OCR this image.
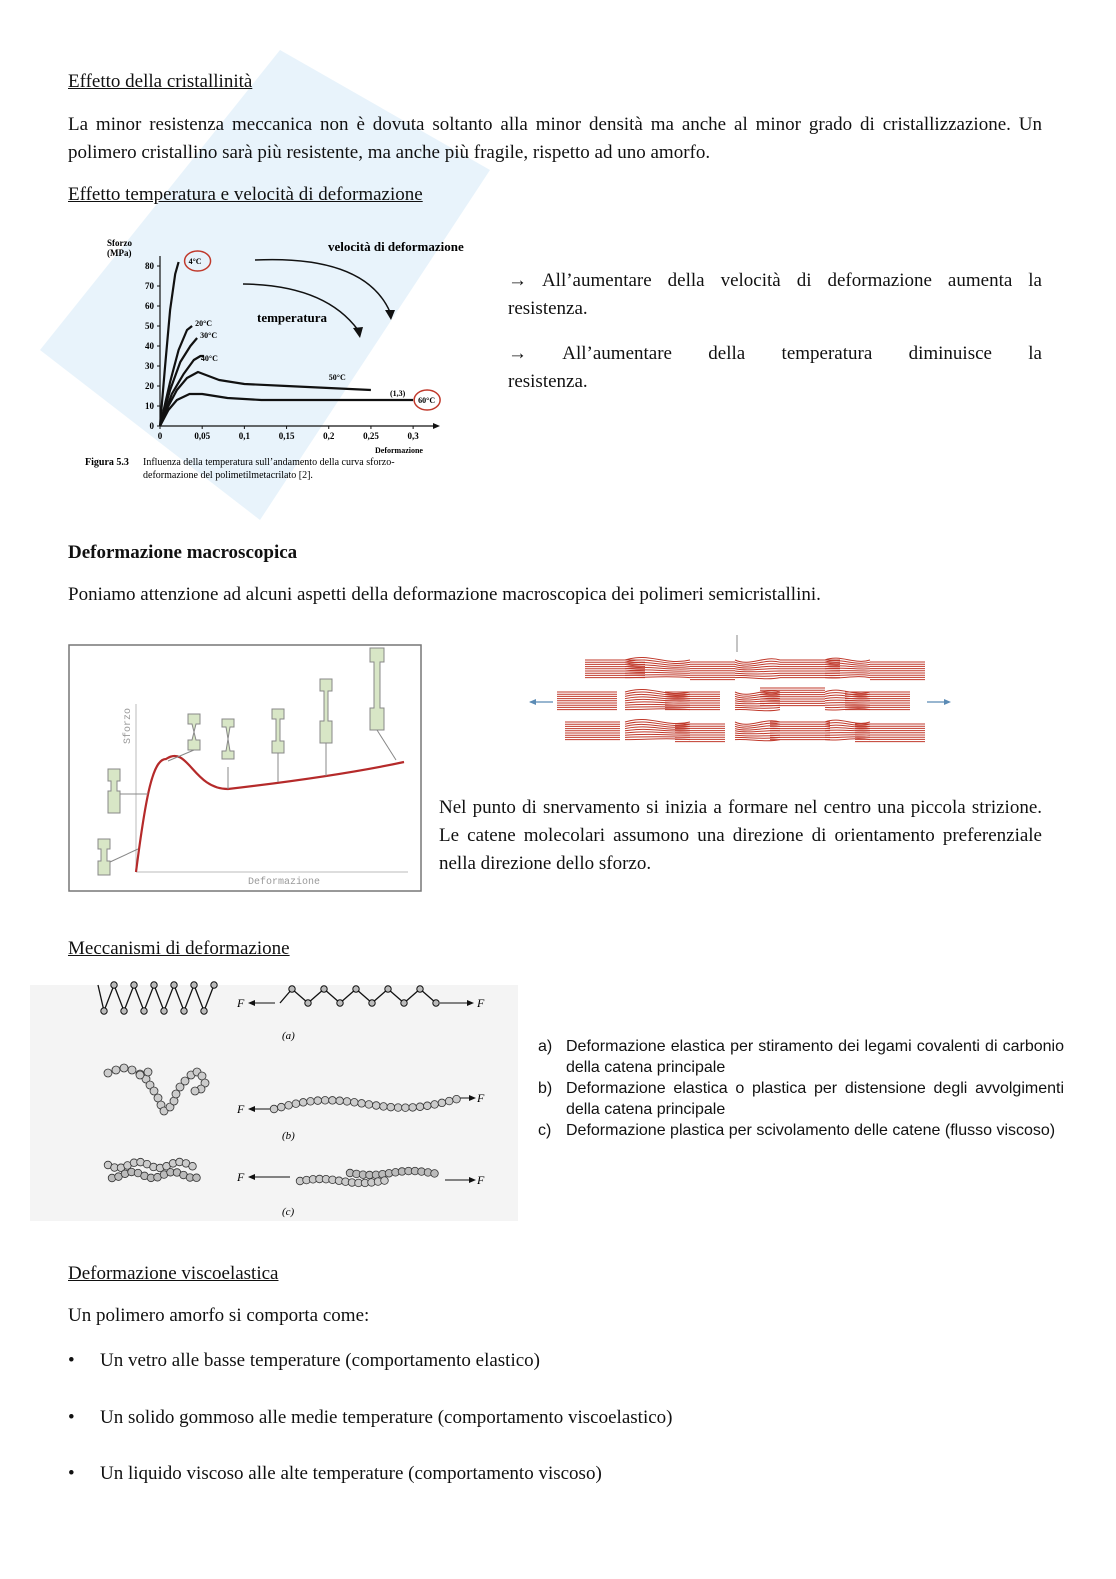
Effetto della cristallinità
La minor resistenza meccanica non è dovuta soltanto alla minor densità ma anche al minor grado di cristallizzazione. Un polimero cristallino sarà più resistente, ma anche più fragile, rispetto ad uno amorfo.
Effetto temperatura e velocità di deformazione
0
10
20
30
40
50
60
70
80
0	0,05	0,1	0,15	0,2	0,25	0,3
4°C
20°C
30°C
40°C
50°C
60°C
Sforzo
(MPa)
Deformazione
velocità di deformazione
temperatura
(1,3)
Figura 5.3 Influenza della temperatura sull’andamento della curva sforzo-
deformazione del polimetilmetacrilato [2].
→ All’aumentare della velocità di deformazione aumenta la resistenza.
→ All’aumentare della temperatura diminuisce la
resistenza.
Deformazione macroscopica
Poniamo attenzione ad alcuni aspetti della deformazione macroscopica dei polimeri semicristallini.
Sforzo
Deformazione
Nel punto di snervamento si inizia a formare nel centro una piccola strizione. Le catene molecolari assumono una direzione di orientamento preferenziale nella direzione dello sforzo.
Meccanismi di deformazione
F	F
F
F
F	F
(a)
(b)
(c)
a) Deformazione elastica per stiramento dei legami covalenti di carbonio della catena principale
b) Deformazione elastica o plastica per distensione degli avvolgimenti della catena principale
c) Deformazione plastica per scivolamento delle catene (flusso viscoso)
Deformazione viscoelastica
Un polimero amorfo si comporta come:
• Un vetro alle basse temperature (comportamento elastico)
• Un solido gommoso alle medie temperature (comportamento viscoelastico)
• Un liquido viscoso alle alte temperature (comportamento viscoso)
